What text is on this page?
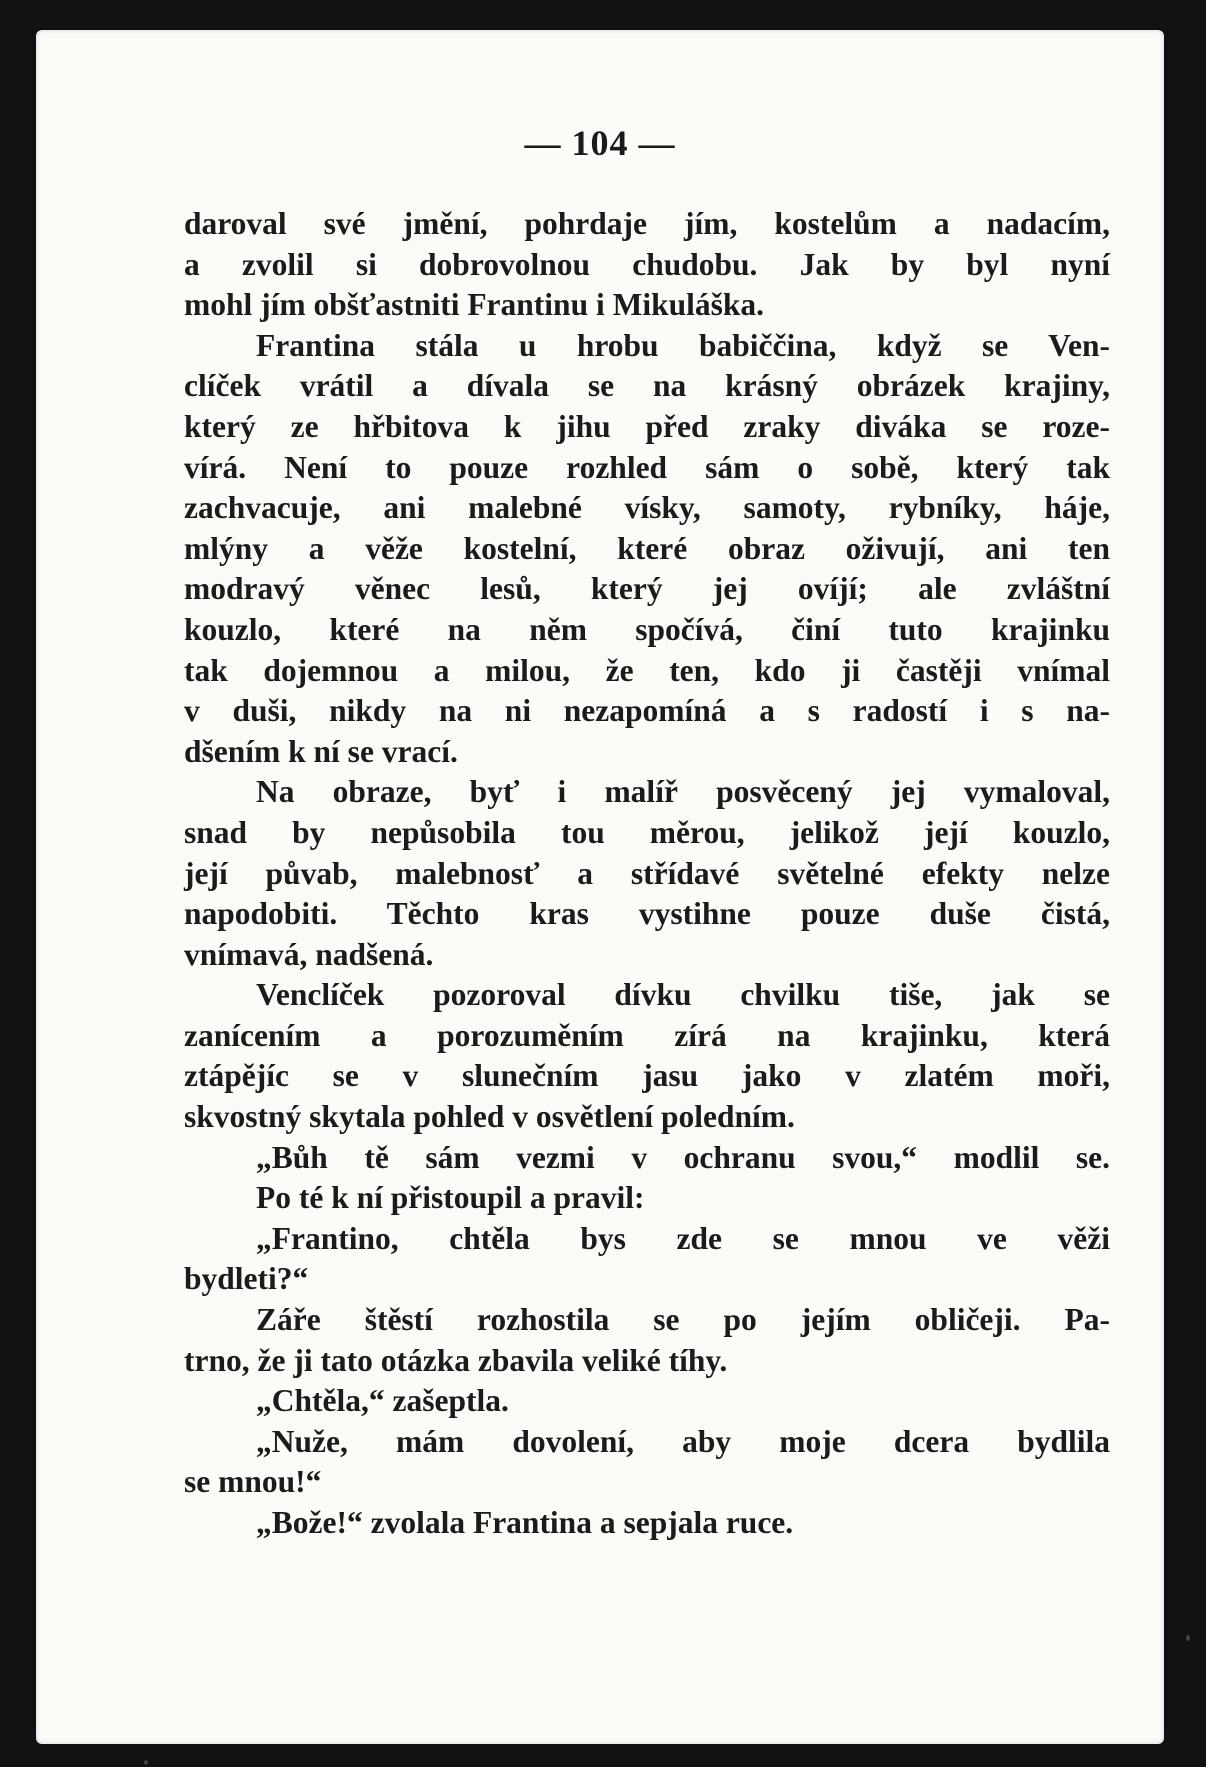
— 104 —
daroval své jmění, pohrdaje jím, kostelům a nadacím,
a zvolil si dobrovolnou chudobu. Jak by byl nyní
mohl jím obšťastniti Frantinu i Mikuláška.
Frantina stála u hrobu babiččina, když se Ven-
clíček vrátil a dívala se na krásný obrázek krajiny,
který ze hřbitova k jihu před zraky diváka se roze-
vírá. Není to pouze rozhled sám o sobě, který tak
zachvacuje, ani malebné vísky, samoty, rybníky, háje,
mlýny a věže kostelní, které obraz oživují, ani ten
modravý věnec lesů, který jej ovíjí; ale zvláštní
kouzlo, které na něm spočívá, činí tuto krajinku
tak dojemnou a milou, že ten, kdo ji častěji vnímal
v duši, nikdy na ni nezapomíná a s radostí i s na-
dšením k ní se vrací.
Na obraze, byť i malíř posvěcený jej vymaloval,
snad by nepůsobila tou měrou, jelikož její kouzlo,
její půvab, malebnosť a střídavé světelné efekty nelze
napodobiti. Těchto kras vystihne pouze duše čistá,
vnímavá, nadšená.
Venclíček pozoroval dívku chvilku tiše, jak se
zanícením a porozuměním zírá na krajinku, která
ztápějíc se v slunečním jasu jako v zlatém moři,
skvostný skytala pohled v osvětlení poledním.
„Bůh tě sám vezmi v ochranu svou,“ modlil se.
Po té k ní přistoupil a pravil:
„Frantino, chtěla bys zde se mnou ve věži
bydleti?“
Záře štěstí rozhostila se po jejím obličeji. Pa-
trno, že ji tato otázka zbavila veliké tíhy.
„Chtěla,“ zašeptla.
„Nuže, mám dovolení, aby moje dcera bydlila
se mnou!“
„Bože!“ zvolala Frantina a sepjala ruce.
